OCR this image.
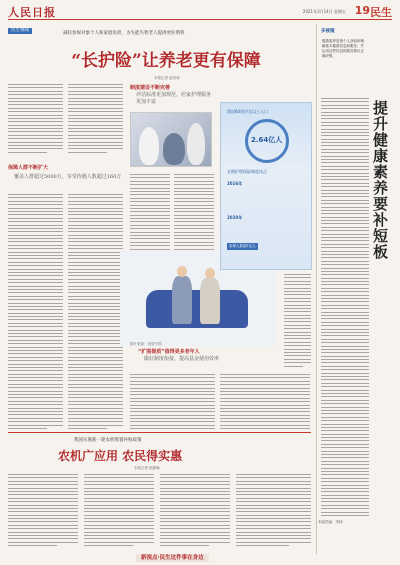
人民日报	2021年3月14日 星期五 19 民生
民生视线
减轻参保对象个人和家庭负担，为失能失智老人提供更好照料
“长护险”让养老更有保障
本报记者 赵易莉
保障人群不断扩大
覆盖人群超过5000万，享受待遇人数超过160万
制度建设不断完善
评估标准更加规范，居家护理服务更加丰富
“扩围提质”值得更多老年人
做好制度衔接，提高基金使用效率
图片来源：视觉中国
我国60周岁及以上人口
2.64亿人
长期护理保险制度试点
2016年
2020年
参保人数超1亿人
我国实施新一轮农机购置补贴政策
农机广应用 农民得实惠
本报记者 郁静娴
多棱镜
健康素养是指个人获取和理解基本健康信息和服务，并运用这些信息和服务做出正确决策。
提升健康素养要补短板
新视点·民生这件事在身边
本版责编：李林
